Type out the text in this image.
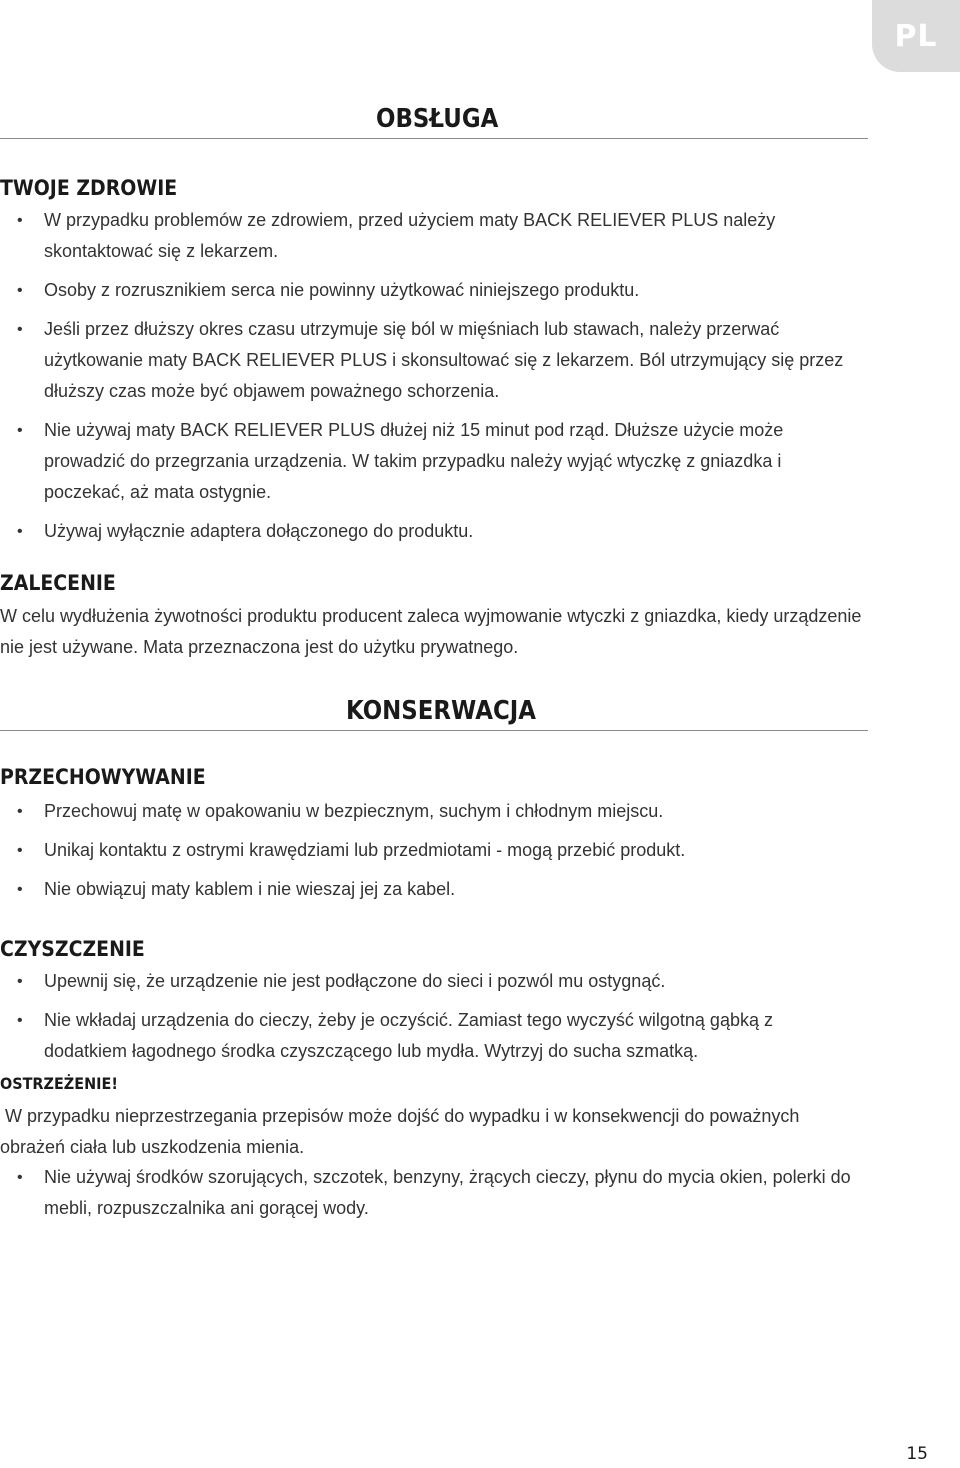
PL
OBSŁUGA
TWOJE ZDROWIE
• W przypadku problemów ze zdrowiem, przed użyciem maty BACK RELIEVER PLUS należy skontaktować się z lekarzem.
• Osoby z rozrusznikiem serca nie powinny użytkować niniejszego produktu.
• Jeśli przez dłuższy okres czasu utrzymuje się ból w mięśniach lub stawach, należy przerwać użytkowanie maty BACK RELIEVER PLUS i skonsultować się z lekarzem. Ból utrzymujący się przez dłuższy czas może być objawem poważnego schorzenia.
• Nie używaj maty BACK RELIEVER PLUS dłużej niż 15 minut pod rząd. Dłuższe użycie może prowadzić do przegrzania urządzenia. W takim przypadku należy wyjąć wtyczkę z gniazdka i poczekać, aż mata ostygnie.
• Używaj wyłącznie adaptera dołączonego do produktu.
ZALECENIE

W celu wydłużenia żywotności produktu producent zaleca wyjmowanie wtyczki z gniazdka, kiedy urządzenie nie jest używane. Mata przeznaczona jest do użytku prywatnego.

KONSERWACJA
PRZECHOWYWANIE
• Przechowuj matę w opakowaniu w bezpiecznym, suchym i chłodnym miejscu.
• Unikaj kontaktu z ostrymi krawędziami lub przedmiotami - mogą przebić produkt.
• Nie obwiązuj maty kablem i nie wieszaj jej za kabel.
CZYSZCZENIE
• Upewnij się, że urządzenie nie jest podłączone do sieci i pozwól mu ostygnąć.
• Nie wkładaj urządzenia do cieczy, żeby je oczyścić. Zamiast tego wyczyść wilgotną gąbką z dodatkiem łagodnego środka czyszczącego lub mydła. Wytrzyj do sucha szmatką.
OSTRZEŻENIE!

W przypadku nieprzestrzegania przepisów może dojść do wypadku i w konsekwencji do poważnych obrażeń ciała lub uszkodzenia mienia.

• Nie używaj środków szorujących, szczotek, benzyny, żrących cieczy, płynu do mycia okien, polerki do mebli, rozpuszczalnika ani gorącej wody.
15
